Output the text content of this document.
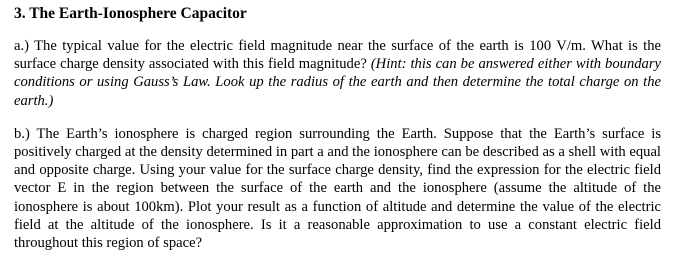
3. The Earth-Ionosphere Capacitor

a.) The typical value for the electric field magnitude near the surface of the earth is 100 V/m. What is the surface charge density associated with this field magnitude? (Hint: this can be answered either with boundary conditions or using Gauss’s Law. Look up the radius of the earth and then determine the total charge on the earth.)

b.) The Earth’s ionosphere is charged region surrounding the Earth. Suppose that the Earth’s surface is positively charged at the density determined in part a and the ionosphere can be described as a shell with equal and opposite charge. Using your value for the surface charge density, find the expression for the electric field vector E in the region between the surface of the earth and the ionosphere (assume the altitude of the ionosphere is about 100km). Plot your result as a function of altitude and determine the value of the electric field at the altitude of the ionosphere. Is it a reasonable approximation to use a constant electric field throughout this region of space?
